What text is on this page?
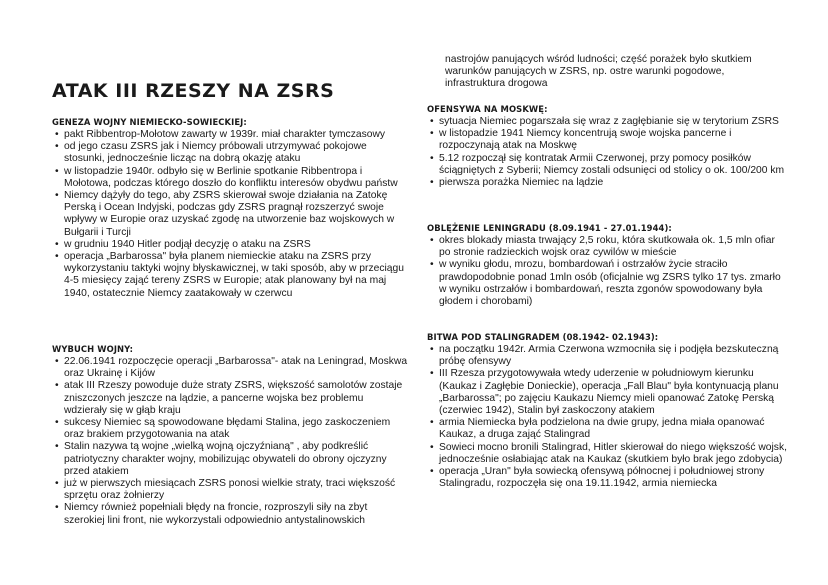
ATAK III RZESZY NA ZSRS
GENEZA WOJNY NIEMIECKO-SOWIECKIEJ:
• pakt Ribbentrop-Mołotow zawarty w 1939r. miał charakter tymczasowy
• od jego czasu ZSRS jak i Niemcy próbowali utrzymywać pokojowe stosunki, jednocześnie licząc na dobrą okazję ataku
• w listopadzie 1940r. odbyło się w Berlinie spotkanie Ribbentropa i Mołotowa, podczas którego doszło do konfliktu interesów obydwu państw
• Niemcy dążyły do tego, aby ZSRS skierował swoje działania na Zatokę Perską i Ocean Indyjski, podczas gdy ZSRS pragnął rozszerzyć swoje wpływy w Europie oraz uzyskać zgodę na utworzenie baz wojskowych w Bułgarii i Turcji
• w grudniu 1940 Hitler podjął decyzję o ataku na ZSRS
• operacja „Barbarossa" była planem niemieckie ataku na ZSRS przy wykorzystaniu taktyki wojny błyskawicznej, w taki sposób, aby w przeciągu 4-5 miesięcy zająć tereny ZSRS w Europie; atak planowany był na maj 1940, ostatecznie Niemcy zaatakowały w czerwcu
WYBUCH WOJNY:
• 22.06.1941 rozpoczęcie operacji „Barbarossa"- atak na Leningrad, Moskwa oraz Ukrainę i Kijów
• atak III Rzeszy powoduje duże straty ZSRS, większość samolotów zostaje zniszczonych jeszcze na lądzie, a pancerne wojska bez problemu wdzierały się w głąb kraju
• sukcesy Niemiec są spowodowane błędami Stalina, jego zaskoczeniem oraz brakiem przygotowania na atak
• Stalin nazywa tą wojne „wielką wojną ojczyźnianą" , aby podkreślić patriotyczny charakter wojny, mobilizując obywateli do obrony ojczyzny przed atakiem
• już w pierwszych miesiącach ZSRS ponosi wielkie straty, traci większość sprzętu oraz żołnierzy
• Niemcy również popełniali błędy na froncie, rozproszyli siły na zbyt szerokiej lini front, nie wykorzystali odpowiednio antystalinowskich

nastrojów panujących wśród ludności; część porażek było skutkiem warunków panujących w ZSRS, np. ostre warunki pogodowe, infrastruktura drogowa

OFENSYWA NA MOSKWĘ:
• sytuacja Niemiec pogarszała się wraz z zagłębianie się w terytorium ZSRS
• w listopadzie 1941 Niemcy koncentrują swoje wojska pancerne i rozpoczynają atak na Moskwę
• 5.12 rozpoczął się kontratak Armii Czerwonej, przy pomocy posiłków ściągniętych z Syberii; Niemcy zostali odsunięci od stolicy o ok. 100/200 km
• pierwsza porażka Niemiec na lądzie
OBLĘŻENIE LENINGRADU (8.09.1941 - 27.01.1944):
• okres blokady miasta trwający 2,5 roku, która skutkowała ok. 1,5 mln ofiar po stronie radzieckich wojsk oraz cywilów w mieście
• w wyniku głodu, mrozu, bombardowań i ostrzałów życie straciło prawdopodobnie ponad 1mln osób (oficjalnie wg ZSRS tylko 17 tys. zmarło w wyniku ostrzałów i bombardowań, reszta zgonów spowodowany była głodem i chorobami)
BITWA POD STALINGRADEM (08.1942- 02.1943):
• na początku 1942r. Armia Czerwona wzmocniła się i podjęła bezskuteczną próbę ofensywy
• III Rzesza przygotowywała wtedy uderzenie w południowym kierunku (Kaukaz i Zagłębie Donieckie), operacja „Fall Blau" była kontynuacją planu „Barbarossa"; po zajęciu Kaukazu Niemcy mieli opanować Zatokę Perską (czerwiec 1942), Stalin był zaskoczony atakiem
• armia Niemiecka była podzielona na dwie grupy, jedna miała opanować Kaukaz, a druga zająć Stalingrad
• Sowieci mocno bronili Stalingrad, Hitler skierował do niego większość wojsk, jednocześnie osłabiając atak na Kaukaz (skutkiem było brak jego zdobycia)
• operacja „Uran" była sowiecką ofensywą północnej i południowej strony Stalingradu, rozpoczęła się ona 19.11.1942, armia niemiecka
